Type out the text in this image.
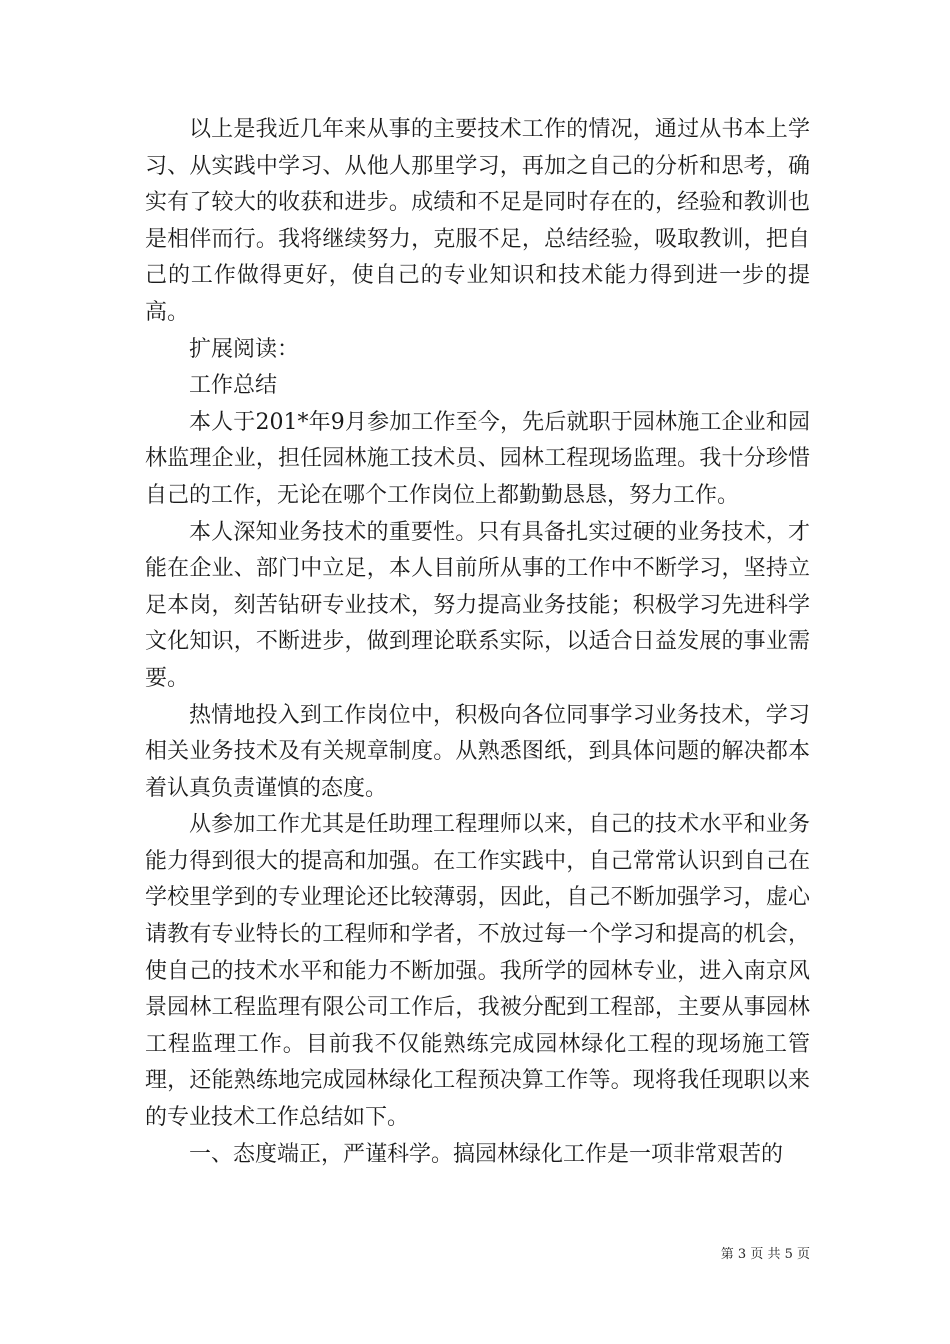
以上是我近几年来从事的主要技术工作的情况，通过从书本上学习、从实践中学习、从他人那里学习，再加之自己的分析和思考，确实有了较大的收获和进步。成绩和不足是同时存在的，经验和教训也是相伴而行。我将继续努力，克服不足，总结经验，吸取教训，把自己的工作做得更好，使自己的专业知识和技术能力得到进一步的提高。

扩展阅读：

工作总结

本人于201*年9月参加工作至今，先后就职于园林施工企业和园林监理企业，担任园林施工技术员、园林工程现场监理。我十分珍惜自己的工作，无论在哪个工作岗位上都勤勤恳恳，努力工作。

本人深知业务技术的重要性。只有具备扎实过硬的业务技术，才能在企业、部门中立足，本人目前所从事的工作中不断学习，坚持立足本岗，刻苦钻研专业技术，努力提高业务技能；积极学习先进科学文化知识，不断进步，做到理论联系实际，以适合日益发展的事业需要。

热情地投入到工作岗位中，积极向各位同事学习业务技术，学习相关业务技术及有关规章制度。从熟悉图纸，到具体问题的解决都本着认真负责谨慎的态度。

从参加工作尤其是任助理工程理师以来，自己的技术水平和业务能力得到很大的提高和加强。在工作实践中，自己常常认识到自己在学校里学到的专业理论还比较薄弱，因此，自己不断加强学习，虚心请教有专业特长的工程师和学者，不放过每一个学习和提高的机会，使自己的技术水平和能力不断加强。我所学的园林专业，进入南京风景园林工程监理有限公司工作后，我被分配到工程部，主要从事园林工程监理工作。目前我不仅能熟练完成园林绿化工程的现场施工管理，还能熟练地完成园林绿化工程预决算工作等。现将我任现职以来的专业技术工作总结如下。

一、态度端正，严谨科学。搞园林绿化工作是一项非常艰苦的

第 3 页 共 5 页
